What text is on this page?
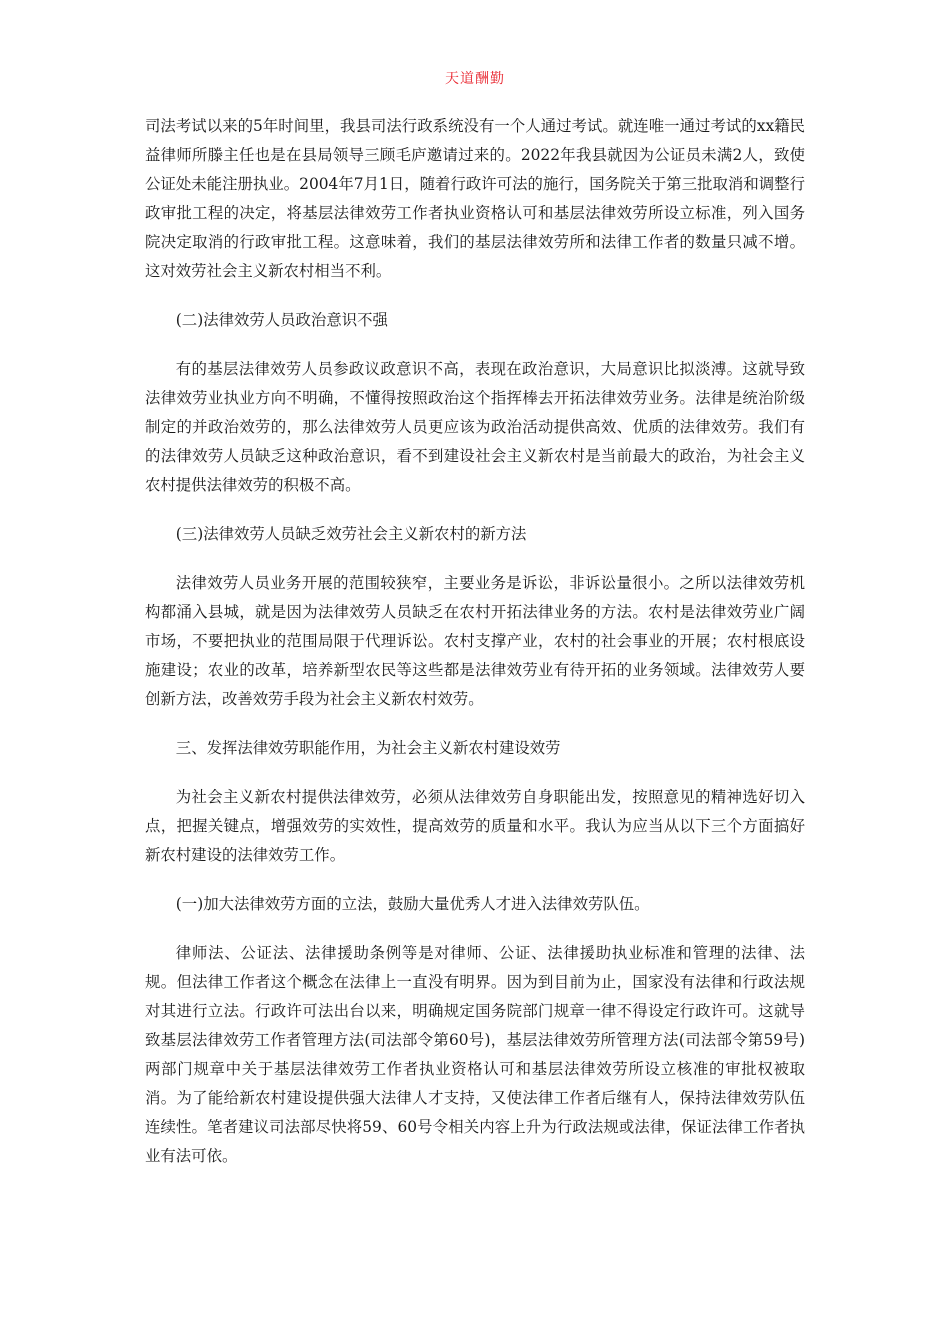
天道酬勤

司法考试以来的5年时间里，我县司法行政系统没有一个人通过考试。就连唯一通过考试的xx籍民益律师所滕主任也是在县局领导三顾毛庐邀请过来的。2022年我县就因为公证员未满2人，致使公证处未能注册执业。2004年7月1日，随着行政许可法的施行，国务院关于第三批取消和调整行政审批工程的决定，将基层法律效劳工作者执业资格认可和基层法律效劳所设立标准，列入国务院决定取消的行政审批工程。这意味着，我们的基层法律效劳所和法律工作者的数量只减不增。这对效劳社会主义新农村相当不利。

(二)法律效劳人员政治意识不强

有的基层法律效劳人员参政议政意识不高，表现在政治意识，大局意识比拟淡溥。这就导致法律效劳业执业方向不明确，不懂得按照政治这个指挥棒去开拓法律效劳业务。法律是统治阶级制定的并政治效劳的，那么法律效劳人员更应该为政治活动提供高效、优质的法律效劳。我们有的法律效劳人员缺乏这种政治意识，看不到建设社会主义新农村是当前最大的政治，为社会主义农村提供法律效劳的积极不高。

(三)法律效劳人员缺乏效劳社会主义新农村的新方法

法律效劳人员业务开展的范围较狭窄，主要业务是诉讼，非诉讼量很小。之所以法律效劳机构都涌入县城，就是因为法律效劳人员缺乏在农村开拓法律业务的方法。农村是法律效劳业广阔市场，不要把执业的范围局限于代理诉讼。农村支撑产业，农村的社会事业的开展；农村根底设施建设；农业的改革，培养新型农民等这些都是法律效劳业有待开拓的业务领域。法律效劳人要创新方法，改善效劳手段为社会主义新农村效劳。

三、发挥法律效劳职能作用，为社会主义新农村建设效劳

为社会主义新农村提供法律效劳，必须从法律效劳自身职能出发，按照意见的精神选好切入点，把握关键点，增强效劳的实效性，提高效劳的质量和水平。我认为应当从以下三个方面搞好新农村建设的法律效劳工作。

(一)加大法律效劳方面的立法，鼓励大量优秀人才进入法律效劳队伍。

律师法、公证法、法律援助条例等是对律师、公证、法律援助执业标准和管理的法律、法规。但法律工作者这个概念在法律上一直没有明界。因为到目前为止，国家没有法律和行政法规对其进行立法。行政许可法出台以来，明确规定国务院部门规章一律不得设定行政许可。这就导致基层法律效劳工作者管理方法(司法部令第60号)，基层法律效劳所管理方法(司法部令第59号)两部门规章中关于基层法律效劳工作者执业资格认可和基层法律效劳所设立核准的审批权被取消。为了能给新农村建设提供强大法律人才支持，又使法律工作者后继有人，保持法律效劳队伍连续性。笔者建议司法部尽快将59、60号令相关内容上升为行政法规或法律，保证法律工作者执业有法可依。
